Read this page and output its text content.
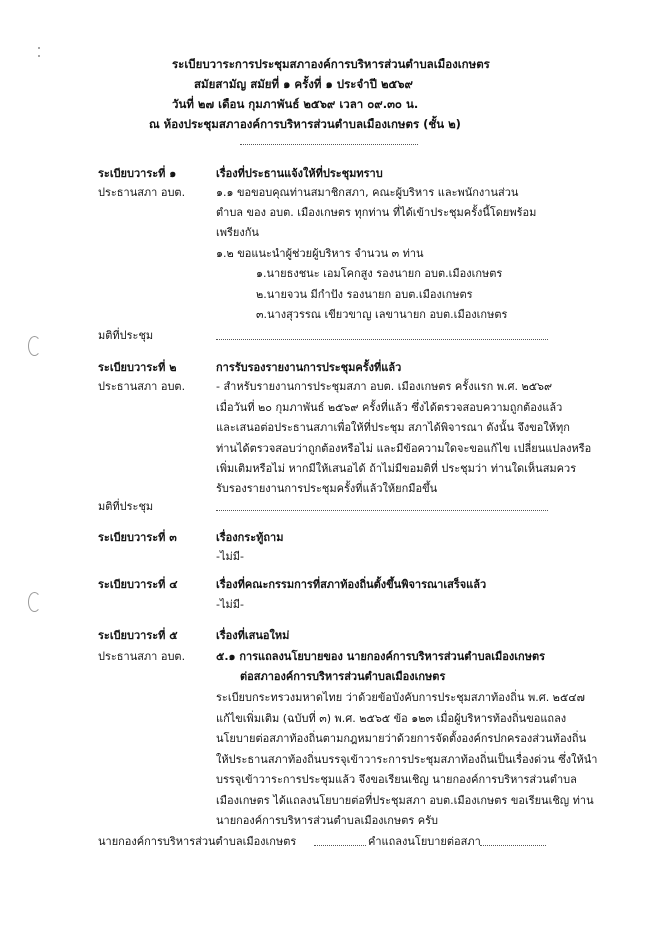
ระเบียบวาระการประชุมสภาองค์การบริหารส่วนตำบลเมืองเกษตร
สมัยสามัญ สมัยที่ ๑ ครั้งที่ ๑ ประจำปี ๒๕๖๙
วันที่ ๒๗ เดือน กุมภาพันธ์ ๒๕๖๙ เวลา ๐๙.๓๐ น.
ณ ห้องประชุมสภาองค์การบริหารส่วนตำบลเมืองเกษตร (ชั้น ๒)
ระเบียบวาระที่ ๑	เรื่องที่ประธานแจ้งให้ที่ประชุมทราบ
ประธานสภา อบต.	๑.๑ ขอขอบคุณท่านสมาชิกสภา, คณะผู้บริหาร และพนักงานส่วน
ตำบล ของ อบต. เมืองเกษตร ทุกท่าน ที่ได้เข้าประชุมครั้งนี้โดยพร้อม
เพรียงกัน
๑.๒ ขอแนะนำผู้ช่วยผู้บริหาร จำนวน ๓ ท่าน
๑.นายธงชนะ เอมโคกสูง รองนายก อบต.เมืองเกษตร
๒.นายจวน มีกำปัง รองนายก อบต.เมืองเกษตร
๓.นางสุวรรณ เขียวขาญ เลขานายก อบต.เมืองเกษตร
มติที่ประชุม
ระเบียบวาระที่ ๒	การรับรองรายงานการประชุมครั้งที่แล้ว
ประธานสภา อบต.	- สำหรับรายงานการประชุมสภา อบต. เมืองเกษตร ครั้งแรก พ.ศ. ๒๕๖๙
เมื่อวันที่ ๒๐ กุมภาพันธ์ ๒๕๖๙ ครั้งที่แล้ว ซึ่งได้ตรวจสอบความถูกต้องแล้ว
และเสนอต่อประธานสภาเพื่อให้ที่ประชุม สภาได้พิจารณา ดังนั้น จึงขอให้ทุก
ท่านได้ตรวจสอบว่าถูกต้องหรือไม่ และมีข้อความใดจะขอแก้ไข เปลี่ยนแปลงหรือ
เพิ่มเติมหรือไม่ หากมีให้เสนอได้ ถ้าไม่มีขอมติที่ ประชุมว่า ท่านใดเห็นสมควร
รับรองรายงานการประชุมครั้งที่แล้วให้ยกมือขึ้น
มติที่ประชุม
ระเบียบวาระที่ ๓	เรื่องกระทู้ถาม
-ไม่มี-
ระเบียบวาระที่ ๔	เรื่องที่คณะกรรมการที่สภาท้องถิ่นตั้งขึ้นพิจารณาเสร็จแล้ว
-ไม่มี-
ระเบียบวาระที่ ๕	เรื่องที่เสนอใหม่
ประธานสภา อบต.	๕.๑ การแถลงนโยบายของ นายกองค์การบริหารส่วนตำบลเมืองเกษตร
ต่อสภาองค์การบริหารส่วนตำบลเมืองเกษตร
ระเบียบกระทรวงมหาดไทย ว่าด้วยข้อบังคับการประชุมสภาท้องถิ่น พ.ศ. ๒๕๔๗
แก้ไขเพิ่มเติม (ฉบับที่ ๓) พ.ศ. ๒๕๖๕ ข้อ ๑๒๓ เมื่อผู้บริหารท้องถิ่นขอแถลง
นโยบายต่อสภาท้องถิ่นตามกฎหมายว่าด้วยการจัดตั้งองค์กรปกครองส่วนท้องถิ่น
ให้ประธานสภาท้องถิ่นบรรจุเข้าวาระการประชุมสภาท้องถิ่นเป็นเรื่องด่วน ซึ่งให้นำ
บรรจุเข้าวาระการประชุมแล้ว จึงขอเรียนเชิญ นายกองค์การบริหารส่วนตำบล
เมืองเกษตร ได้แถลงนโยบายต่อที่ประชุมสภา อบต.เมืองเกษตร ขอเรียนเชิญ ท่าน
นายกองค์การบริหารส่วนตำบลเมืองเกษตร ครับ
นายกองค์การบริหารส่วนตำบลเมืองเกษตร	คำแถลงนโยบายต่อสภา
